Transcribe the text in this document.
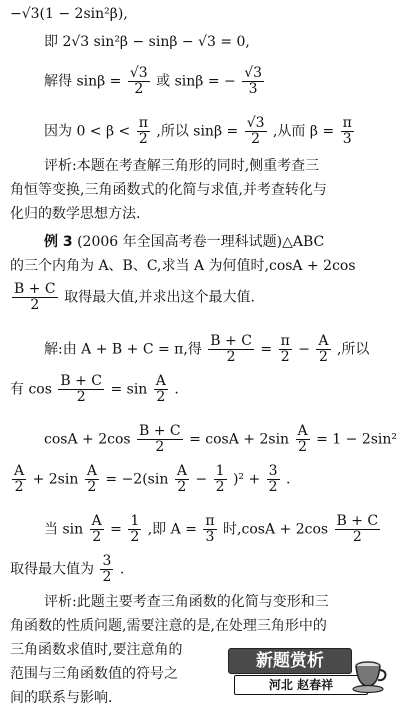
−√3(1 − 2sin²β),
即 2√3 sin²β − sinβ − √3 = 0,
解得 $\sin\beta = \frac{√3}{2}$ 或 sinβ = − $\frac{√3}{3}$
因为 $0 < \beta < \frac{\pi}{2}$ ,所以 $\sin\beta = \frac{√3}{2}$ ,从而 $\beta = \frac{\pi}{3}$
评析:本题在考查解三角形的同时,侧重考查三
角恒等变换,三角函数式的化简与求值,并考查转化与
化归的数学思想方法.
例 3 (2006 年全国高考卷一理科试题)△ABC
的三个内角为 A、B、C,求当 A 为何值时,cosA + 2cos
$\frac{B + C}{2}$ 取得最大值,并求出这个最大值.
解:由 A + B + C = π,得 $\frac{B + C}{2} = \frac{\pi}{2} - \frac{A}{2}$ ,所以
有 $\cos \frac{B + C}{2} = \sin \frac{A}{2}$ .
$\cos A + 2\cos \frac{B + C}{2} = \cos A + 2\sin \frac{A}{2} = 1 - 2\sin^2$
$\frac{A}{2} + 2\sin \frac{A}{2} = -2(\sin \frac{A}{2} - \frac{1}{2} )^2 + \frac{3}{2}$ .
当 $\sin \frac{A}{2} = \frac{1}{2}$ ,即 $A = \frac{\pi}{3}$ 时$,\cos A + 2\cos \frac{B + C}{2}$
取得最大值为 $\frac{3}{2}$ .
评析:此题主要考查三角函数的化简与变形和三
角函数的性质问题,需要注意的是,在处理三角形中的
三角函数求值时,要注意角的
范围与三角函数值的符号之
间的联系与影响.
新题赏析
河北 赵春祥
